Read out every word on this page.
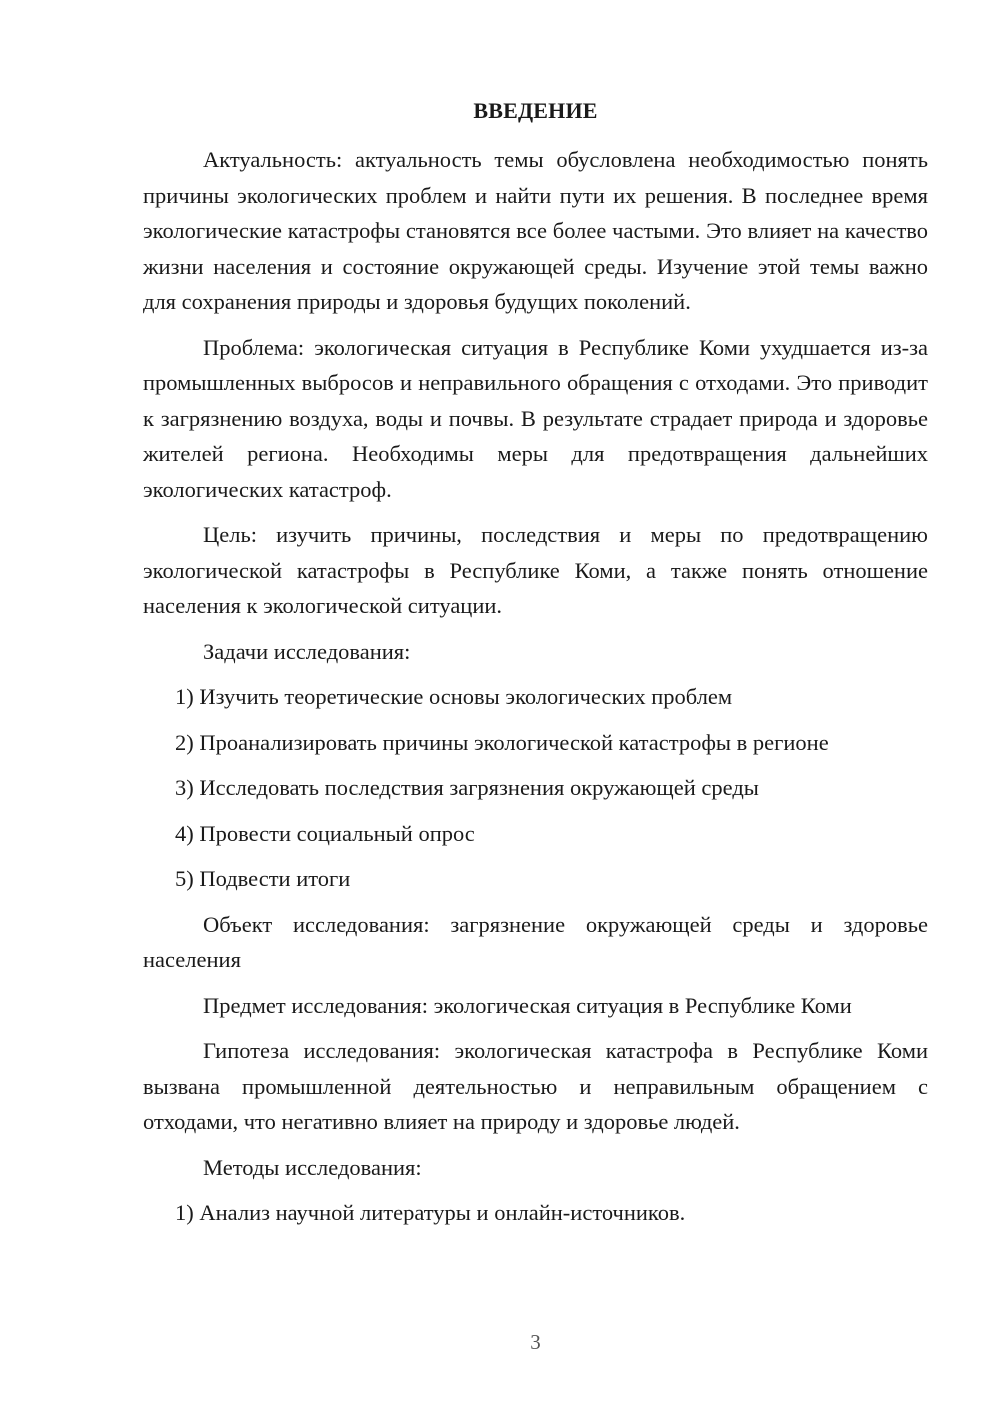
ВВЕДЕНИЕ

Актуальность: актуальность темы обусловлена необходимостью понять причины экологических проблем и найти пути их решения. В последнее время экологические катастрофы становятся все более частыми. Это влияет на качество жизни населения и состояние окружающей среды. Изучение этой темы важно для сохранения природы и здоровья будущих поколений.

Проблема: экологическая ситуация в Республике Коми ухудшается из-за промышленных выбросов и неправильного обращения с отходами. Это приводит к загрязнению воздуха, воды и почвы. В результате страдает природа и здоровье жителей региона. Необходимы меры для предотвращения дальнейших экологических катастроф.

Цель: изучить причины, последствия и меры по предотвращению экологической катастрофы в Республике Коми, а также понять отношение населения к экологической ситуации.

Задачи исследования:

1) Изучить теоретические основы экологических проблем

2) Проанализировать причины экологической катастрофы в регионе

3) Исследовать последствия загрязнения окружающей среды

4) Провести социальный опрос

5) Подвести итоги

Объект исследования: загрязнение окружающей среды и здоровье населения

Предмет исследования: экологическая ситуация в Республике Коми

Гипотеза исследования: экологическая катастрофа в Республике Коми вызвана промышленной деятельностью и неправильным обращением с отходами, что негативно влияет на природу и здоровье людей.

Методы исследования:

1) Анализ научной литературы и онлайн-источников.

3
